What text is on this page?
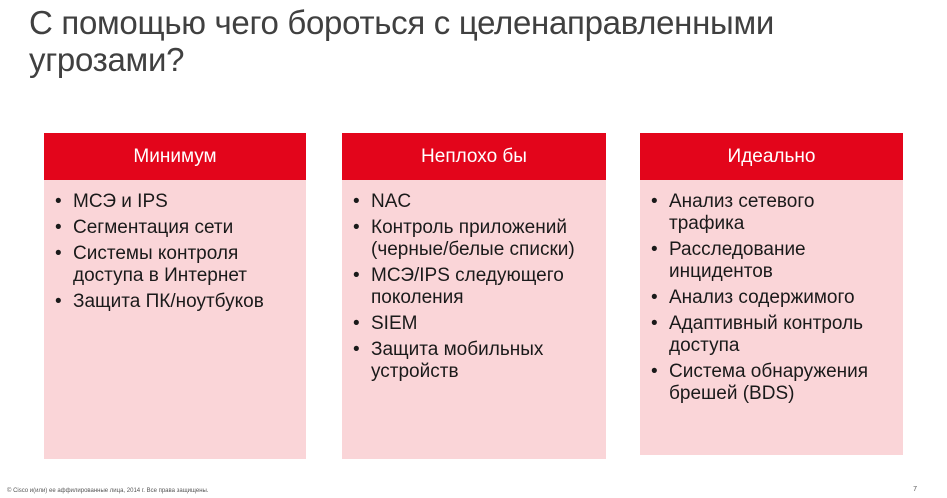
С помощью чего бороться с целенаправленными угрозами?
Минимум
• МСЭ и IPS
• Сегментация сети
• Системы контроля доступа в Интернет
• Защита ПК/ноутбуков
Неплохо бы
• NAC
• Контроль приложений (черные/белые списки)
• МСЭ/IPS следующего поколения
• SIEM
• Защита мобильных устройств
Идеально
• Анализ сетевого трафика
• Расследование инцидентов
• Анализ содержимого
• Адаптивный контроль доступа
• Система обнаружения брешей (BDS)
© Cisco и(или) ее аффилированные лица, 2014 г. Все права защищены.	7
